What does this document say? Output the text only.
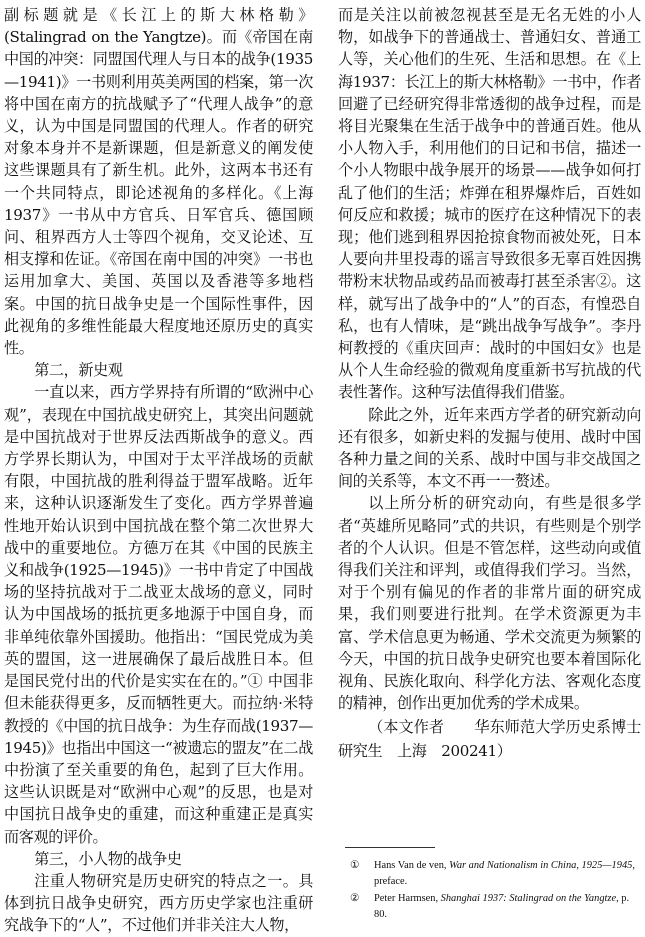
副标题就是《长江上的斯大林格勒》(Stalingrad on the Yangtze)。而《帝国在南中国的冲突：同盟国代理人与日本的战争(1935—1941)》一书则利用英美两国的档案，第一次将中国在南方的抗战赋予了“代理人战争”的意义，认为中国是同盟国的代理人。作者的研究对象本身并不是新课题，但是新意义的阐发使这些课题具有了新生机。此外，这两本书还有一个共同特点，即论述视角的多样化。《上海1937》一书从中方官兵、日军官兵、德国顾问、租界西方人士等四个视角，交叉论述、互相支撑和佐证。《帝国在南中国的冲突》一书也运用加拿大、美国、英国以及香港等多地档案。中国的抗日战争史是一个国际性事件，因此视角的多维性能最大程度地还原历史的真实性。

第二，新史观

一直以来，西方学界持有所谓的“欧洲中心观”，表现在中国抗战史研究上，其突出问题就是中国抗战对于世界反法西斯战争的意义。西方学界长期认为，中国对于太平洋战场的贡献有限，中国抗战的胜利得益于盟军战略。近年来，这种认识逐渐发生了变化。西方学界普遍性地开始认识到中国抗战在整个第二次世界大战中的重要地位。方德万在其《中国的民族主义和战争(1925—1945)》一书中肯定了中国战场的坚持抗战对于二战亚太战场的意义，同时认为中国战场的抵抗更多地源于中国自身，而非单纯依靠外国援助。他指出：“国民党成为美英的盟国，这一进展确保了最后战胜日本。但是国民党付出的代价是实实在在的。”① 中国非但未能获得更多，反而牺牲更大。而拉纳·米特教授的《中国的抗日战争：为生存而战(1937—1945)》也指出中国这一“被遗忘的盟友”在二战中扮演了至关重要的角色，起到了巨大作用。这些认识既是对“欧洲中心观”的反思，也是对中国抗日战争史的重建，而这种重建正是真实而客观的评价。

第三，小人物的战争史

注重人物研究是历史研究的特点之一。具体到抗日战争史研究，西方历史学家也注重研究战争下的“人”，不过他们并非关注大人物，

而是关注以前被忽视甚至是无名无姓的小人物，如战争下的普通战士、普通妇女、普通工人等，关心他们的生死、生活和思想。在《上海1937：长江上的斯大林格勒》一书中，作者回避了已经研究得非常透彻的战争过程，而是将目光聚集在生活于战争中的普通百姓。他从小人物入手，利用他们的日记和书信，描述一个小人物眼中战争展开的场景——战争如何打乱了他们的生活；炸弹在租界爆炸后，百姓如何反应和救援；城市的医疗在这种情况下的表现；他们逃到租界因抢掠食物而被处死，日本人要向井里投毒的谣言导致很多无辜百姓因携带粉末状物品或药品而被毒打甚至杀害②。这样，就写出了战争中的“人”的百态，有惶恐自私，也有人情味，是“跳出战争写战争”。李丹柯教授的《重庆回声：战时的中国妇女》也是从个人生命经验的微观角度重新书写抗战的代表性著作。这种写法值得我们借鉴。

除此之外，近年来西方学者的研究新动向还有很多，如新史料的发掘与使用、战时中国各种力量之间的关系、战时中国与非交战国之间的关系等，本文不再一一赘述。

以上所分析的研究动向，有些是很多学者“英雄所见略同”式的共识，有些则是个别学者的个人认识。但是不管怎样，这些动向或值得我们关注和评判，或值得我们学习。当然，对于个别有偏见的作者的非常片面的研究成果，我们则要进行批判。在学术资源更为丰富、学术信息更为畅通、学术交流更为频繁的今天，中国的抗日战争史研究也要本着国际化视角、民族化取向、科学化方法、客观化态度的精神，创作出更加优秀的学术成果。

（本文作者　　华东师范大学历史系博士研究生　上海　200241）

①	Hans Van de ven, War and Nationalism in China, 1925—1945, preface.
②	Peter Harmsen, Shanghai 1937: Stalingrad on the Yangtze, p. 80.
